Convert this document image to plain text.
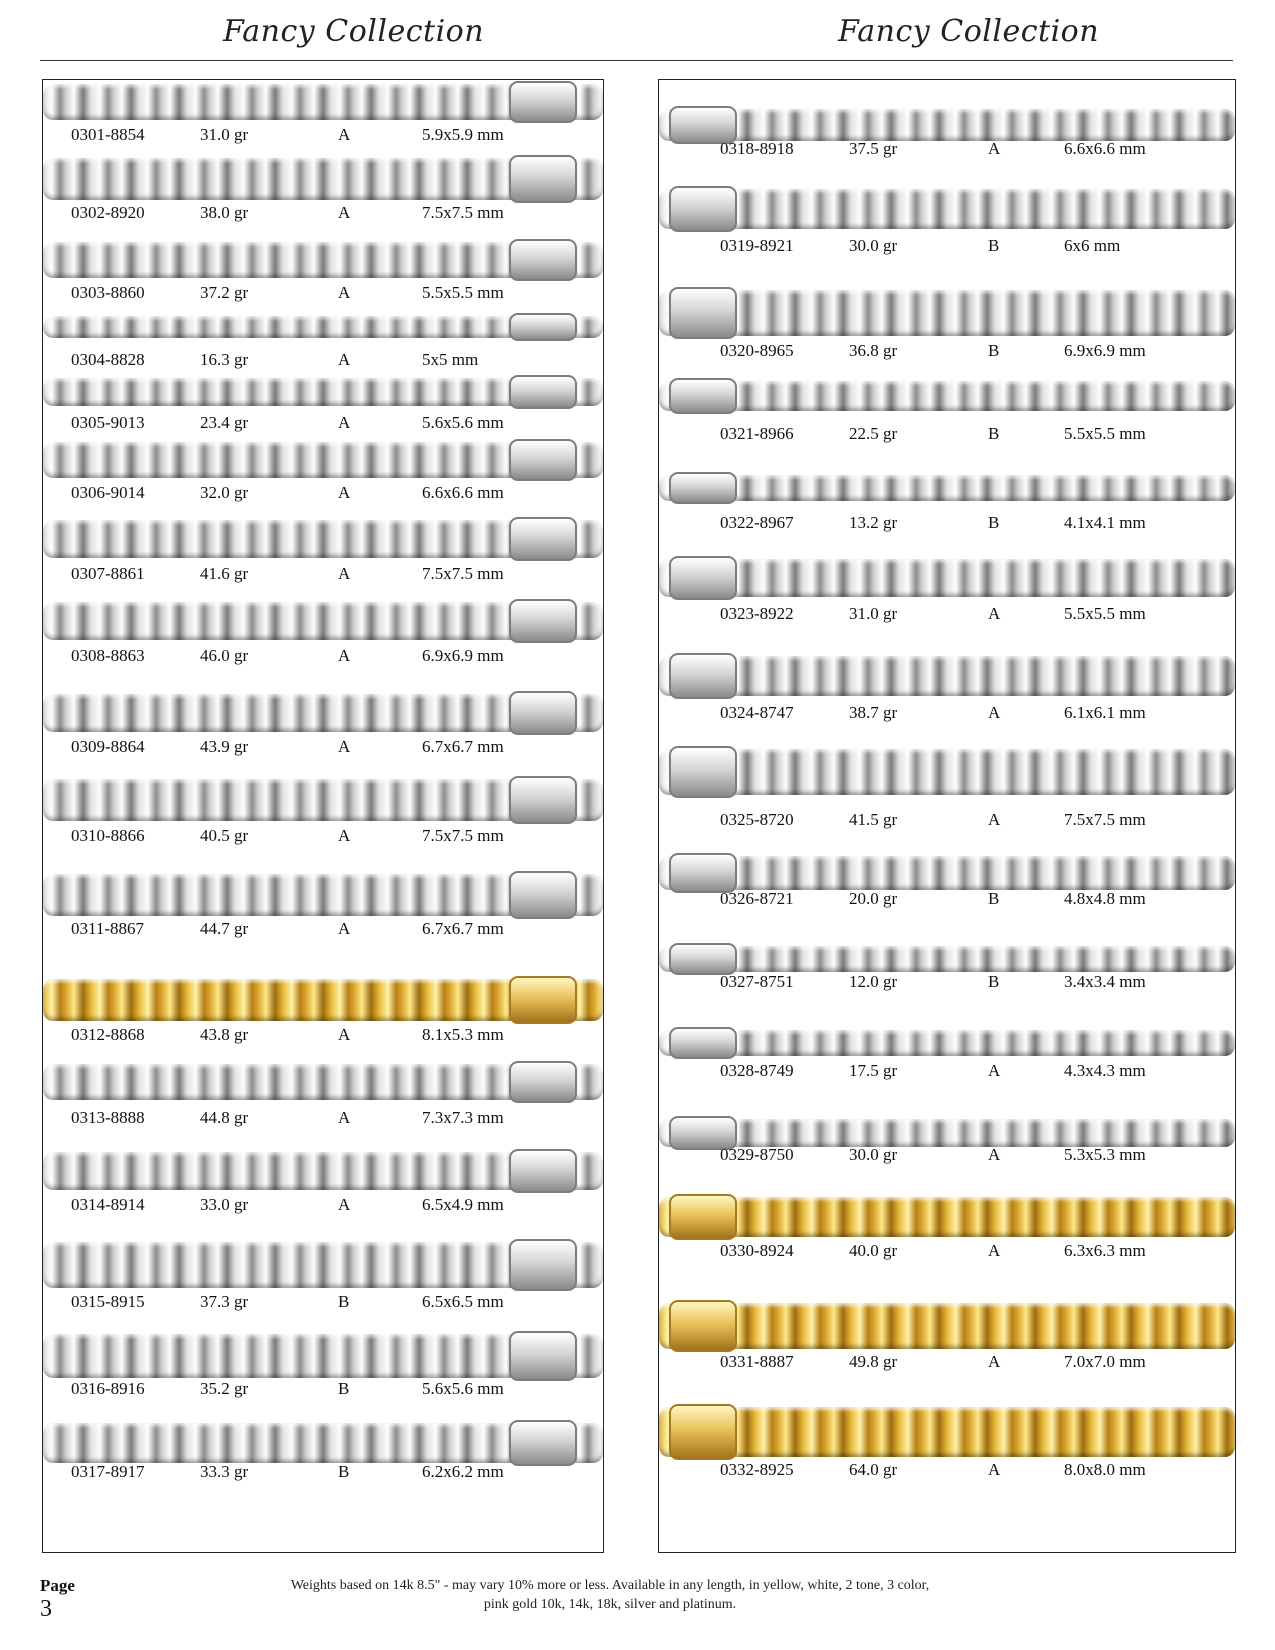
Fancy Collection	Fancy Collection
0301-8854	31.0 gr	A	5.9x5.9 mm
0302-8920	38.0 gr	A	7.5x7.5 mm
0303-8860	37.2 gr	A	5.5x5.5 mm
0304-8828	16.3 gr	A	5x5 mm
0305-9013	23.4 gr	A	5.6x5.6 mm
0306-9014	32.0 gr	A	6.6x6.6 mm
0307-8861	41.6 gr	A	7.5x7.5 mm
0308-8863	46.0 gr	A	6.9x6.9 mm
0309-8864	43.9 gr	A	6.7x6.7 mm
0310-8866	40.5 gr	A	7.5x7.5 mm
0311-8867	44.7 gr	A	6.7x6.7 mm
0312-8868	43.8 gr	A	8.1x5.3 mm
0313-8888	44.8 gr	A	7.3x7.3 mm
0314-8914	33.0 gr	A	6.5x4.9 mm
0315-8915	37.3 gr	B	6.5x6.5 mm
0316-8916	35.2 gr	B	5.6x5.6 mm
0317-8917	33.3 gr	B	6.2x6.2 mm
0318-8918	37.5 gr	A	6.6x6.6 mm
0319-8921	30.0 gr	B	6x6 mm
0320-8965	36.8 gr	B	6.9x6.9 mm
0321-8966	22.5 gr	B	5.5x5.5 mm
0322-8967	13.2 gr	B	4.1x4.1 mm
0323-8922	31.0 gr	A	5.5x5.5 mm
0324-8747	38.7 gr	A	6.1x6.1 mm
0325-8720	41.5 gr	A	7.5x7.5 mm
0326-8721	20.0 gr	B	4.8x4.8 mm
0327-8751	12.0 gr	B	3.4x3.4 mm
0328-8749	17.5 gr	A	4.3x4.3 mm
0329-8750	30.0 gr	A	5.3x5.3 mm
0330-8924	40.0 gr	A	6.3x6.3 mm
0331-8887	49.8 gr	A	7.0x7.0 mm
0332-8925	64.0 gr	A	8.0x8.0 mm
Page
3
Weights based on 14k 8.5" - may vary 10% more or less. Available in any length, in yellow, white, 2 tone, 3 color,
pink gold 10k, 14k, 18k, silver and platinum.
